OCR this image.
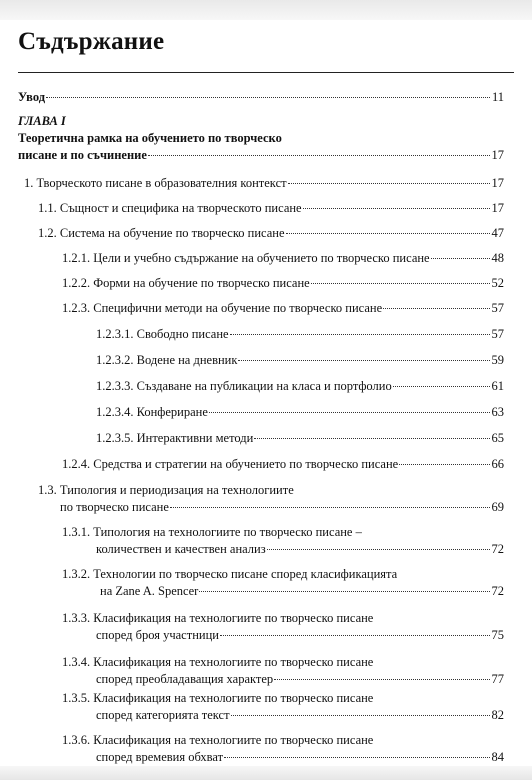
Съдържание
Увод	11
ГЛАВА I
Теоретична рамка на обучението по творческо
писане и по съчинение	17
1. Творческото писане в образователния контекст	17
1.1. Същност и специфика на творческото писане	17
1.2. Система на обучение по творческо писане	47
1.2.1. Цели и учебно съдържание на обучението по творческо писане	48
1.2.2. Форми на обучение по творческо писане	52
1.2.3. Специфични методи на обучение по творческо писане	57
1.2.3.1. Свободно писане	57
1.2.3.2. Водене на дневник	59
1.2.3.3. Създаване на публикации на класа и портфолио	61
1.2.3.4. Конфериране	63
1.2.3.5. Интерактивни методи	65
1.2.4. Средства и стратегии на обучението по творческо писане	66
1.3. Типология и периодизация на технологиите
по творческо писане	69
1.3.1. Типология на технологиите по творческо писане –
количествен и качествен анализ	72
1.3.2. Технологии по творческо писане според класификацията
на Zane A. Spencer	72
1.3.3. Класификация на технологиите по творческо писане
според броя участници	75
1.3.4. Класификация на технологиите по творческо писане
според преобладаващия характер	77
1.3.5. Класификация на технологиите по творческо писане
според категорията текст	82
1.3.6. Класификация на технологиите по творческо писане
според времевия обхват	84
